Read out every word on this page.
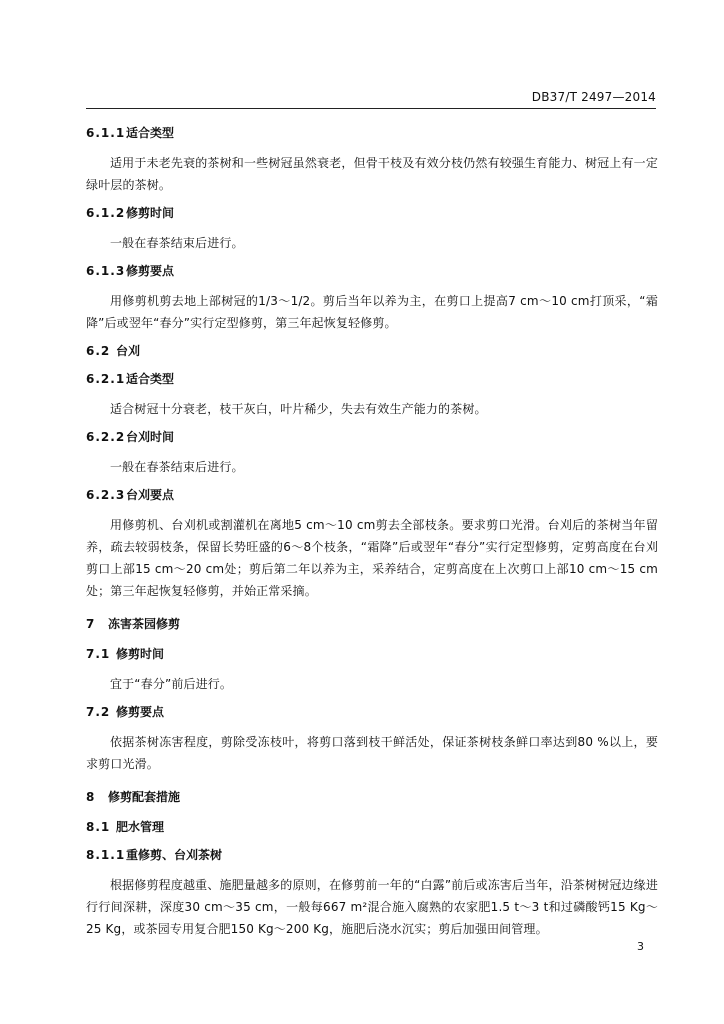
DB37/T 2497—2014
6.1.1适合类型

适用于未老先衰的茶树和一些树冠虽然衰老，但骨干枝及有效分枝仍然有较强生育能力、树冠上有一定绿叶层的茶树。

6.1.2修剪时间

一般在春茶结束后进行。

6.1.3修剪要点

用修剪机剪去地上部树冠的1/3～1/2。剪后当年以养为主，在剪口上提高7 cm～10 cm打顶采，“霜降”后或翌年“春分”实行定型修剪，第三年起恢复轻修剪。

6.2 台刈
6.2.1适合类型

适合树冠十分衰老，枝干灰白，叶片稀少，失去有效生产能力的茶树。

6.2.2台刈时间

一般在春茶结束后进行。

6.2.3台刈要点

用修剪机、台刈机或割灌机在离地5 cm～10 cm剪去全部枝条。要求剪口光滑。台刈后的茶树当年留养，疏去较弱枝条，保留长势旺盛的6～8个枝条，“霜降”后或翌年“春分”实行定型修剪，定剪高度在台刈剪口上部15 cm～20 cm处；剪后第二年以养为主，采养结合，定剪高度在上次剪口上部10 cm～15 cm处；第三年起恢复轻修剪，并始正常采摘。

7 冻害茶园修剪
7.1 修剪时间

宜于“春分”前后进行。

7.2 修剪要点

依据茶树冻害程度，剪除受冻枝叶，将剪口落到枝干鲜活处，保证茶树枝条鲜口率达到80 %以上，要求剪口光滑。

8 修剪配套措施
8.1 肥水管理
8.1.1重修剪、台刈茶树

根据修剪程度越重、施肥量越多的原则，在修剪前一年的“白露”前后或冻害后当年，沿茶树树冠边缘进行行间深耕，深度30 cm～35 cm，一般每667 m²混合施入腐熟的农家肥1.5 t～3 t和过磷酸钙15 Kg～25 Kg，或茶园专用复合肥150 Kg～200 Kg，施肥后浇水沉实；剪后加强田间管理。

3
